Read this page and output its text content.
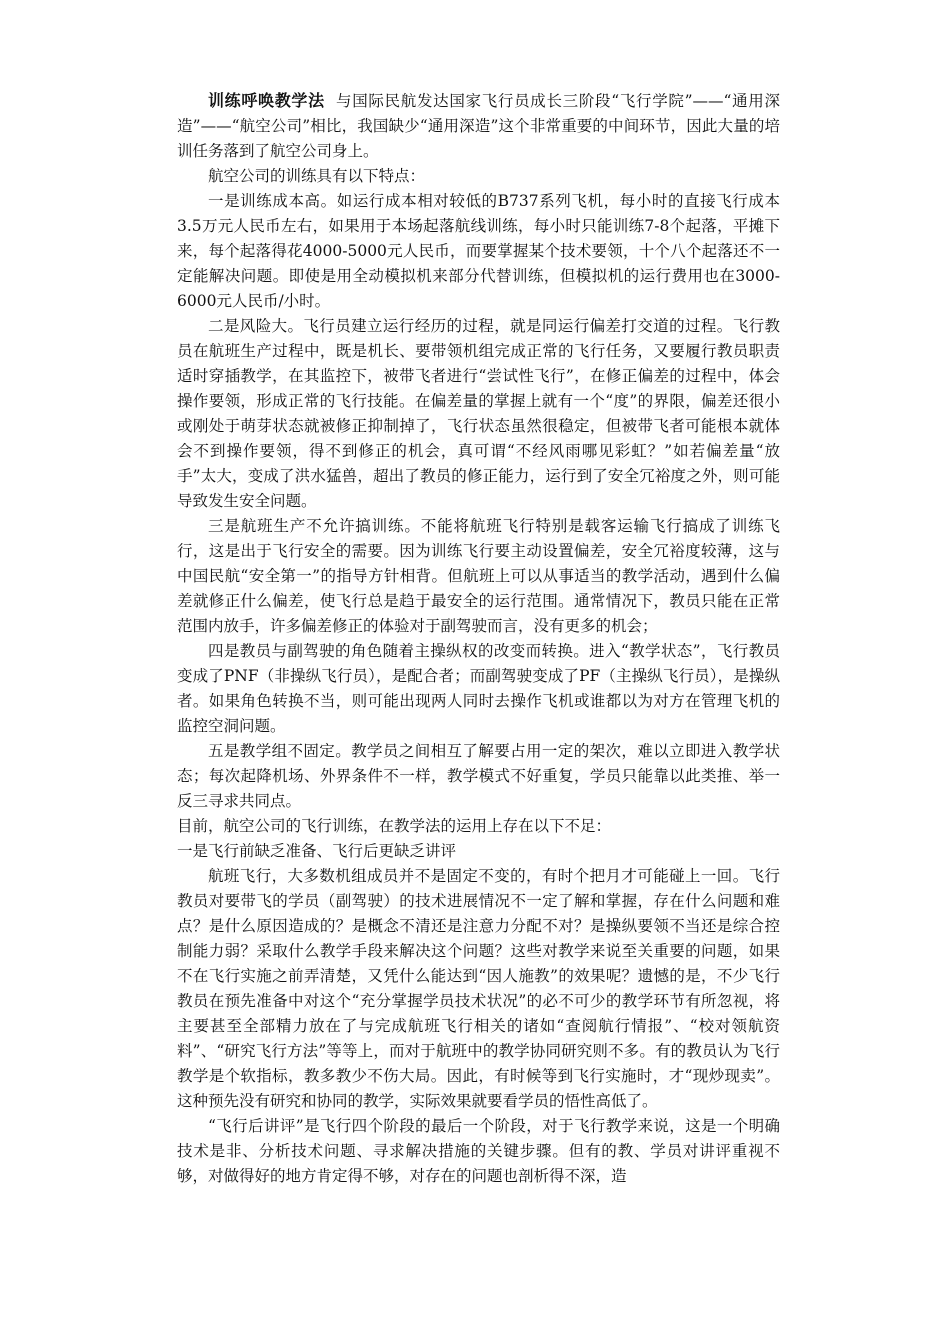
训练呼唤教学法 与国际民航发达国家飞行员成长三阶段“飞行学院”——“通用深造”——“航空公司”相比，我国缺少“通用深造”这个非常重要的中间环节，因此大量的培训任务落到了航空公司身上。

航空公司的训练具有以下特点：

一是训练成本高。如运行成本相对较低的B737系列飞机，每小时的直接飞行成本3.5万元人民币左右，如果用于本场起落航线训练，每小时只能训练7-8个起落，平摊下来，每个起落得花4000-5000元人民币，而要掌握某个技术要领，十个八个起落还不一定能解决问题。即使是用全动模拟机来部分代替训练，但模拟机的运行费用也在3000-6000元人民币/小时。

二是风险大。飞行员建立运行经历的过程，就是同运行偏差打交道的过程。飞行教员在航班生产过程中，既是机长、要带领机组完成正常的飞行任务，又要履行教员职责适时穿插教学，在其监控下，被带飞者进行“尝试性飞行”，在修正偏差的过程中，体会操作要领，形成正常的飞行技能。在偏差量的掌握上就有一个“度”的界限，偏差还很小或刚处于萌芽状态就被修正抑制掉了，飞行状态虽然很稳定，但被带飞者可能根本就体会不到操作要领，得不到修正的机会，真可谓“不经风雨哪见彩虹？”如若偏差量“放手”太大，变成了洪水猛兽，超出了教员的修正能力，运行到了安全冗裕度之外，则可能导致发生安全问题。

三是航班生产不允许搞训练。不能将航班飞行特别是载客运输飞行搞成了训练飞行，这是出于飞行安全的需要。因为训练飞行要主动设置偏差，安全冗裕度较薄，这与中国民航“安全第一”的指导方针相背。但航班上可以从事适当的教学活动，遇到什么偏差就修正什么偏差，使飞行总是趋于最安全的运行范围。通常情况下，教员只能在正常范围内放手，许多偏差修正的体验对于副驾驶而言，没有更多的机会；

四是教员与副驾驶的角色随着主操纵权的改变而转换。进入“教学状态”，飞行教员变成了PNF（非操纵飞行员），是配合者；而副驾驶变成了PF（主操纵飞行员），是操纵者。如果角色转换不当，则可能出现两人同时去操作飞机或谁都以为对方在管理飞机的监控空洞问题。

五是教学组不固定。教学员之间相互了解要占用一定的架次，难以立即进入教学状态；每次起降机场、外界条件不一样，教学模式不好重复，学员只能靠以此类推、举一反三寻求共同点。

目前，航空公司的飞行训练，在教学法的运用上存在以下不足：

一是飞行前缺乏准备、飞行后更缺乏讲评

航班飞行，大多数机组成员并不是固定不变的，有时个把月才可能碰上一回。飞行教员对要带飞的学员（副驾驶）的技术进展情况不一定了解和掌握，存在什么问题和难点？是什么原因造成的？是概念不清还是注意力分配不对？是操纵要领不当还是综合控制能力弱？采取什么教学手段来解决这个问题？这些对教学来说至关重要的问题，如果不在飞行实施之前弄清楚，又凭什么能达到“因人施教”的效果呢？遗憾的是，不少飞行教员在预先准备中对这个“充分掌握学员技术状况”的必不可少的教学环节有所忽视，将主要甚至全部精力放在了与完成航班飞行相关的诸如“查阅航行情报”、“校对领航资料”、“研究飞行方法”等等上，而对于航班中的教学协同研究则不多。有的教员认为飞行教学是个软指标，教多教少不伤大局。因此，有时候等到飞行实施时，才“现炒现卖”。这种预先没有研究和协同的教学，实际效果就要看学员的悟性高低了。

“飞行后讲评”是飞行四个阶段的最后一个阶段，对于飞行教学来说，这是一个明确技术是非、分析技术问题、寻求解决措施的关键步骤。但有的教、学员对讲评重视不够，对做得好的地方肯定得不够，对存在的问题也剖析得不深，造
